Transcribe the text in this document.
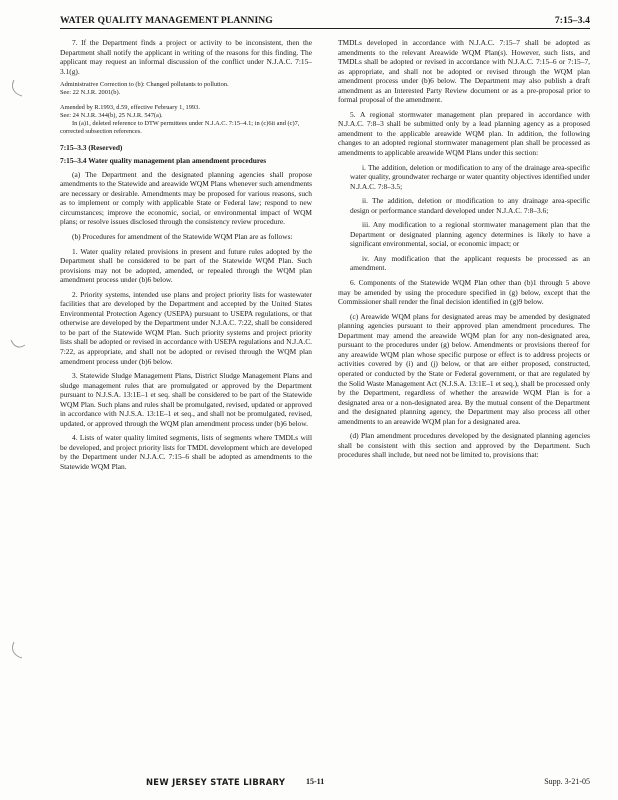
WATER QUALITY MANAGEMENT PLANNING	7:15–3.4

7. If the Department finds a project or activity to be inconsistent, then the Department shall notify the applicant in writing of the reasons for this finding. The applicant may request an informal discussion of the conflict under N.J.A.C. 7:15–3.1(g).

Administrative Correction to (b): Changed pollutants to pollution.

See: 22 N.J.R. 2001(b).

Amended by R.1993, d.59, effective February 1, 1993.

See: 24 N.J.R. 344(b), 25 N.J.R. 547(a).

In (a)1, deleted reference to DTW permittees under N.J.A.C. 7:15–4.1; in (c)6ii and (c)7, corrected subsection references.

7:15–3.3 (Reserved)

7:15–3.4 Water quality management plan amendment procedures

(a) The Department and the designated planning agencies shall propose amendments to the Statewide and areawide WQM Plans whenever such amendments are necessary or desirable. Amendments may be proposed for various reasons, such as to implement or comply with applicable State or Federal law; respond to new circumstances; improve the economic, social, or environmental impact of WQM plans; or resolve issues disclosed through the consistency review procedure.

(b) Procedures for amendment of the Statewide WQM Plan are as follows:

1. Water quality related provisions in present and future rules adopted by the Department shall be considered to be part of the Statewide WQM Plan. Such provisions may not be adopted, amended, or repealed through the WQM plan amendment process under (b)6 below.

2. Priority systems, intended use plans and project priority lists for wastewater facilities that are developed by the Department and accepted by the United States Environmental Protection Agency (USEPA) pursuant to USEPA regulations, or that otherwise are developed by the Department under N.J.A.C. 7:22, shall be considered to be part of the Statewide WQM Plan. Such priority systems and project priority lists shall be adopted or revised in accordance with USEPA regulations and N.J.A.C. 7:22, as appropriate, and shall not be adopted or revised through the WQM plan amendment process under (b)6 below.

3. Statewide Sludge Management Plans, District Sludge Management Plans and sludge management rules that are promulgated or approved by the Department pursuant to N.J.S.A. 13:1E–1 et seq. shall be considered to be part of the Statewide WQM Plan. Such plans and rules shall be promulgated, revised, updated or approved in accordance with N.J.S.A. 13:1E–1 et seq., and shall not be promulgated, revised, updated, or approved through the WQM plan amendment process under (b)6 below.

4. Lists of water quality limited segments, lists of segments where TMDLs will be developed, and project priority lists for TMDL development which are developed by the Department under N.J.A.C. 7:15–6 shall be adopted as amendments to the Statewide WQM Plan.

TMDLs developed in accordance with N.J.A.C. 7:15–7 shall be adopted as amendments to the relevant Areawide WQM Plan(s). However, such lists, and TMDLs shall be adopted or revised in accordance with N.J.A.C. 7:15–6 or 7:15–7, as appropriate, and shall not be adopted or revised through the WQM plan amendment process under (b)6 below. The Department may also publish a draft amendment as an Interested Party Review document or as a pre-proposal prior to formal proposal of the amendment.

5. A regional stormwater management plan prepared in accordance with N.J.A.C. 7:8–3 shall be submitted only by a lead planning agency as a proposed amendment to the applicable areawide WQM plan. In addition, the following changes to an adopted regional stormwater management plan shall be processed as amendments to applicable areawide WQM Plans under this section:

i. The addition, deletion or modification to any of the drainage area-specific water quality, groundwater recharge or water quantity objectives identified under N.J.A.C. 7:8–3.5;

ii. The addition, deletion or modification to any drainage area-specific design or performance standard developed under N.J.A.C. 7:8–3.6;

iii. Any modification to a regional stormwater management plan that the Department or designated planning agency determines is likely to have a significant environmental, social, or economic impact; or

iv. Any modification that the applicant requests be processed as an amendment.

6. Components of the Statewide WQM Plan other than (b)1 through 5 above may be amended by using the procedure specified in (g) below, except that the Commissioner shall render the final decision identified in (g)9 below.

(c) Areawide WQM plans for designated areas may be amended by designated planning agencies pursuant to their approved plan amendment procedures. The Department may amend the areawide WQM plan for any non-designated area, pursuant to the procedures under (g) below. Amendments or provisions thereof for any areawide WQM plan whose specific purpose or effect is to address projects or activities covered by (i) and (j) below, or that are either proposed, constructed, operated or conducted by the State or Federal government, or that are regulated by the Solid Waste Management Act (N.J.S.A. 13:1E–1 et seq.), shall be processed only by the Department, regardless of whether the areawide WQM Plan is for a designated area or a non-designated area. By the mutual consent of the Department and the designated planning agency, the Department may also process all other amendments to an areawide WQM plan for a designated area.

(d) Plan amendment procedures developed by the designated planning agencies shall be consistent with this section and approved by the Department. Such procedures shall include, but need not be limited to, provisions that:

NEW JERSEY STATE LIBRARY	15-11	Supp. 3-21-05
